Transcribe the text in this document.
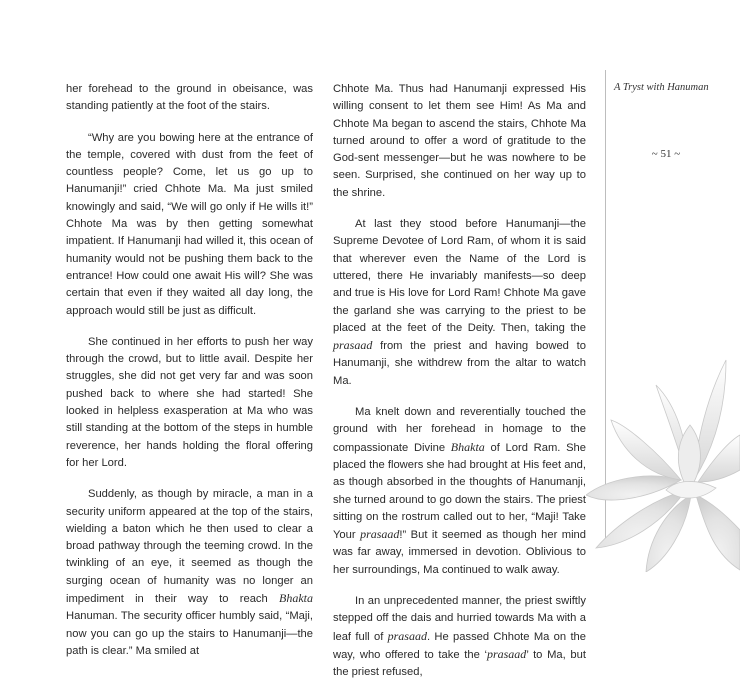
her forehead to the ground in obeisance, was standing patiently at the foot of the stairs.

“Why are you bowing here at the entrance of the temple, covered with dust from the feet of countless people? Come, let us go up to Hanumanji!” cried Chhote Ma. Ma just smiled knowingly and said, “We will go only if He wills it!” Chhote Ma was by then getting somewhat impatient. If Hanumanji had willed it, this ocean of humanity would not be pushing them back to the entrance! How could one await His will? She was certain that even if they waited all day long, the approach would still be just as difficult.

She continued in her efforts to push her way through the crowd, but to little avail. Despite her struggles, she did not get very far and was soon pushed back to where she had started! She looked in helpless exasperation at Ma who was still standing at the bottom of the steps in humble reverence, her hands holding the floral offering for her Lord.

Suddenly, as though by miracle, a man in a security uniform appeared at the top of the stairs, wielding a baton which he then used to clear a broad pathway through the teeming crowd. In the twinkling of an eye, it seemed as though the surging ocean of humanity was no longer an impediment in their way to reach Bhakta Hanuman. The security officer humbly said, “Maji, now you can go up the stairs to Hanumanji—the path is clear.” Ma smiled at

Chhote Ma. Thus had Hanumanji expressed His willing consent to let them see Him! As Ma and Chhote Ma began to ascend the stairs, Chhote Ma turned around to offer a word of gratitude to the God-sent messenger—but he was nowhere to be seen. Surprised, she continued on her way up to the shrine.

At last they stood before Hanumanji—the Supreme Devotee of Lord Ram, of whom it is said that wherever even the Name of the Lord is uttered, there He invariably manifests—so deep and true is His love for Lord Ram! Chhote Ma gave the garland she was carrying to the priest to be placed at the feet of the Deity. Then, taking the prasaad from the priest and having bowed to Hanumanji, she withdrew from the altar to watch Ma.

Ma knelt down and reverentially touched the ground with her forehead in homage to the compassionate Divine Bhakta of Lord Ram. She placed the flowers she had brought at His feet and, as though absorbed in the thoughts of Hanumanji, she turned around to go down the stairs. The priest sitting on the rostrum called out to her, “Maji! Take Your prasaad!” But it seemed as though her mind was far away, immersed in devotion. Oblivious to her surroundings, Ma continued to walk away.

In an unprecedented manner, the priest swiftly stepped off the dais and hurried towards Ma with a leaf full of prasaad. He passed Chhote Ma on the way, who offered to take the ‘prasaad’ to Ma, but the priest refused,

A Tryst with Hanuman
~ 51 ~
